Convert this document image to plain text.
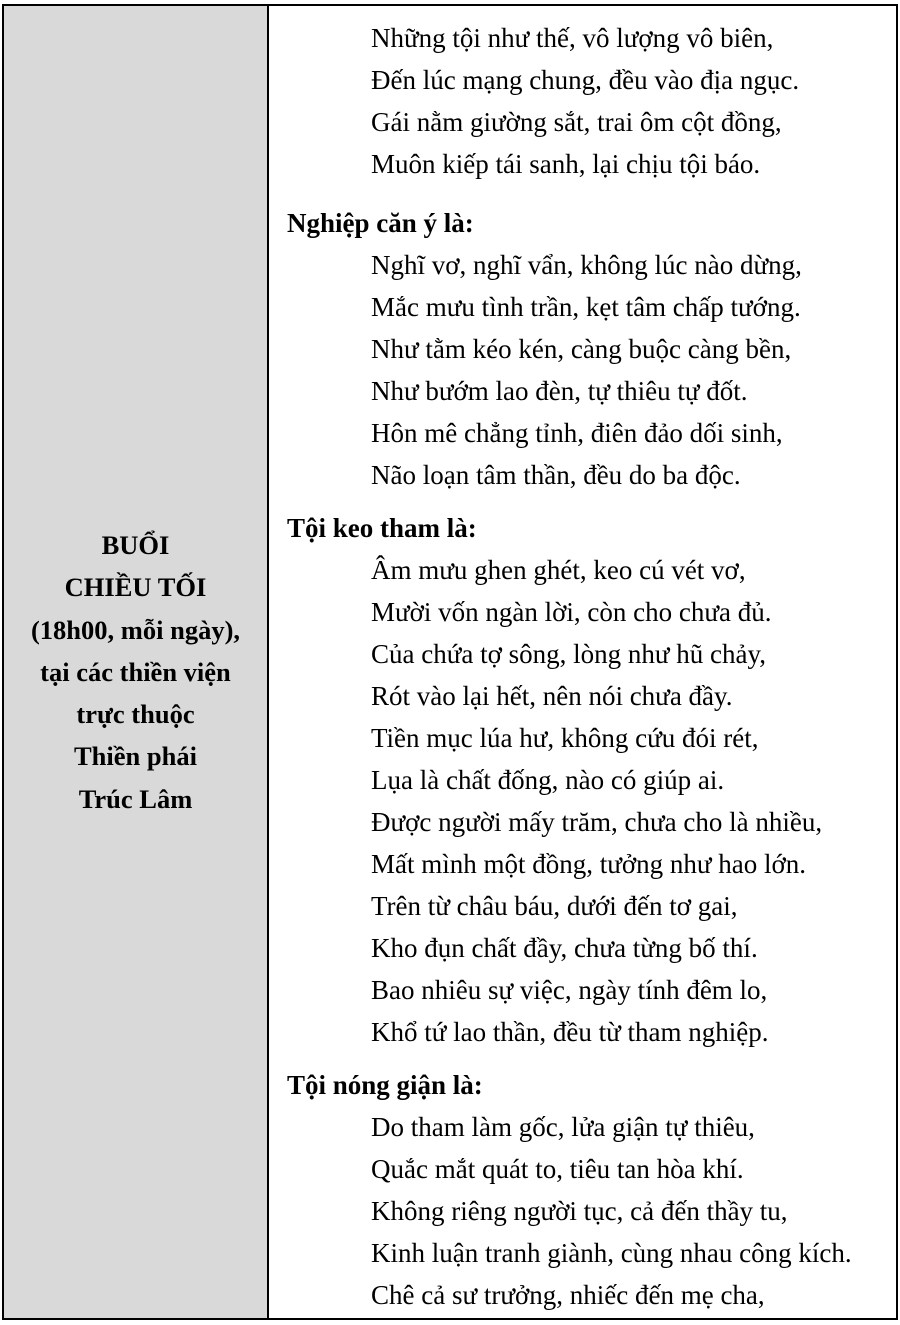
BUỔI
CHIỀU TỐI
(18h00, mỗi ngày),
tại các thiền viện
trực thuộc
Thiền phái
Trúc Lâm
Những tội như thế, vô lượng vô biên,
Đến lúc mạng chung, đều vào địa ngục.
Gái nằm giường sắt, trai ôm cột đồng,
Muôn kiếp tái sanh, lại chịu tội báo.
Nghiệp căn ý là:
Nghĩ vơ, nghĩ vẩn, không lúc nào dừng,
Mắc mưu tình trần, kẹt tâm chấp tướng.
Như tằm kéo kén, càng buộc càng bền,
Như bướm lao đèn, tự thiêu tự đốt.
Hôn mê chẳng tỉnh, điên đảo dối sinh,
Não loạn tâm thần, đều do ba độc.
Tội keo tham là:
Âm mưu ghen ghét, keo cú vét vơ,
Mười vốn ngàn lời, còn cho chưa đủ.
Của chứa tợ sông, lòng như hũ chảy,
Rót vào lại hết, nên nói chưa đầy.
Tiền mục lúa hư, không cứu đói rét,
Lụa là chất đống, nào có giúp ai.
Được người mấy trăm, chưa cho là nhiều,
Mất mình một đồng, tưởng như hao lớn.
Trên từ châu báu, dưới đến tơ gai,
Kho đụn chất đầy, chưa từng bố thí.
Bao nhiêu sự việc, ngày tính đêm lo,
Khổ tứ lao thần, đều từ tham nghiệp.
Tội nóng giận là:
Do tham làm gốc, lửa giận tự thiêu,
Quắc mắt quát to, tiêu tan hòa khí.
Không riêng người tục, cả đến thầy tu,
Kinh luận tranh giành, cùng nhau công kích.
Chê cả sư trưởng, nhiếc đến mẹ cha,
